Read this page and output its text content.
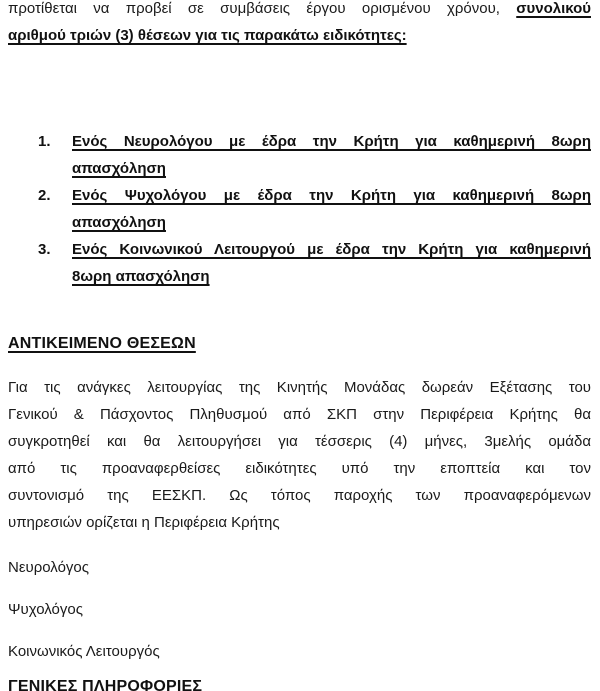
προτίθεται να προβεί σε συμβάσεις έργου ορισμένου χρόνου, συνολικού
αριθμού τριών (3) θέσεων για τις παρακάτω ειδικότητες:
1.	Ενός Νευρολόγου με έδρα την Κρήτη για καθημερινή 8ωρη
απασχόληση
2.	Ενός Ψυχολόγου με έδρα την Κρήτη για καθημερινή 8ωρη
απασχόληση
3.	Ενός Κοινωνικού Λειτουργού με έδρα την Κρήτη για καθημερινή
8ωρη απασχόληση
ΑΝΤΙΚΕΙΜΕΝΟ ΘΕΣΕΩΝ
Για τις ανάγκες λειτουργίας της Κινητής Μονάδας δωρεάν Εξέτασης του
Γενικού & Πάσχοντος Πληθυσμού από ΣΚΠ στην Περιφέρεια Κρήτης θα
συγκροτηθεί και θα λειτουργήσει για τέσσερις (4) μήνες, 3μελής ομάδα
από τις προαναφερθείσες ειδικότητες υπό την εποπτεία και τον
συντονισμό της ΕΕΣΚΠ. Ως τόπος παροχής των προαναφερόμενων
υπηρεσιών ορίζεται η Περιφέρεια Κρήτης
Νευρολόγος
Ψυχολόγος
Κοινωνικός Λειτουργός
ΓΕΝΙΚΕΣ ΠΛΗΡΟΦΟΡΙΕΣ
